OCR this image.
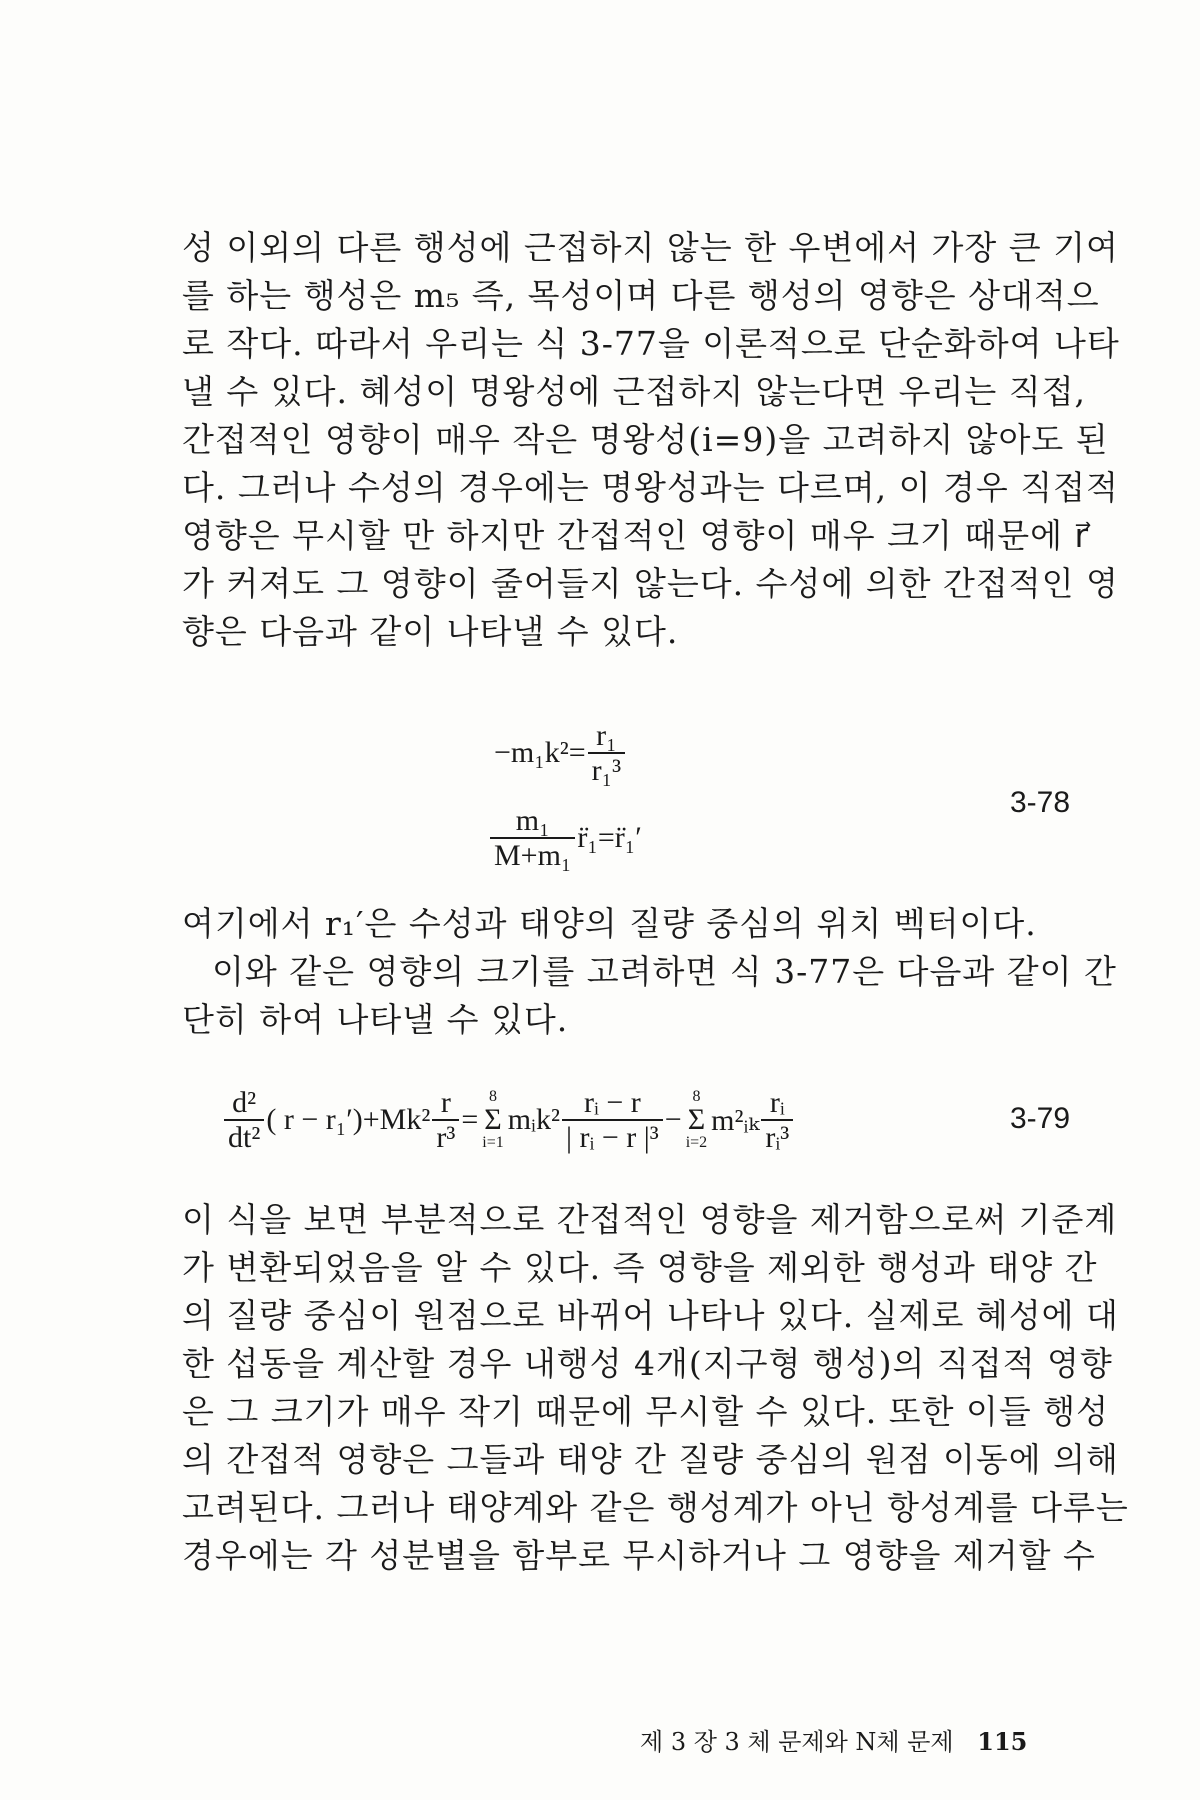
성 이외의 다른 행성에 근접하지 않는 한 우변에서 가장 큰 기여
를 하는 행성은 m₅ 즉, 목성이며 다른 행성의 영향은 상대적으
로 작다. 따라서 우리는 식 3-77을 이론적으로 단순화하여 나타
낼 수 있다. 혜성이 명왕성에 근접하지 않는다면 우리는 직접,
간접적인 영향이 매우 작은 명왕성(i=9)을 고려하지 않아도 된
다. 그러나 수성의 경우에는 명왕성과는 다르며, 이 경우 직접적
영향은 무시할 만 하지만 간접적인 영향이 매우 크기 때문에 r⃗
가 커져도 그 영향이 줄어들지 않는다. 수성에 의한 간접적인 영
향은 다음과 같이 나타낼 수 있다.
$-m_1k^2= \frac{\text{r₁}}{\text{r₁³}}$
$\frac{\text{m₁}}{\text{M+m₁}}$ r̈₁=r̈₁′
3-78
여기에서 r₁′은 수성과 태양의 질량 중심의 위치 벡터이다.
이와 같은 영향의 크기를 고려하면 식 3-77은 다음과 같이 간
단히 하여 나타낼 수 있다.
$\frac{\text{d²}}{\text{dt²}}$ ( $r - r_1') +Mk^2 \frac{r}{\text{r³}}$ =
8
Σ
i=1
mᵢk² $\frac{\text{rᵢ − r}}{\text{| rᵢ − r |³}}$ −
8
Σ
i=2
m²ᵢₖ $\frac{\text{rᵢ}}{\text{rᵢ³}}$	3-79
이 식을 보면 부분적으로 간접적인 영향을 제거함으로써 기준계
가 변환되었음을 알 수 있다. 즉 영향을 제외한 행성과 태양 간
의 질량 중심이 원점으로 바뀌어 나타나 있다. 실제로 혜성에 대
한 섭동을 계산할 경우 내행성 4개(지구형 행성)의 직접적 영향
은 그 크기가 매우 작기 때문에 무시할 수 있다. 또한 이들 행성
의 간접적 영향은 그들과 태양 간 질량 중심의 원점 이동에 의해
고려된다. 그러나 태양계와 같은 행성계가 아닌 항성계를 다루는
경우에는 각 성분별을 함부로 무시하거나 그 영향을 제거할 수
제 3 장 3 체 문제와 N체 문제 115
